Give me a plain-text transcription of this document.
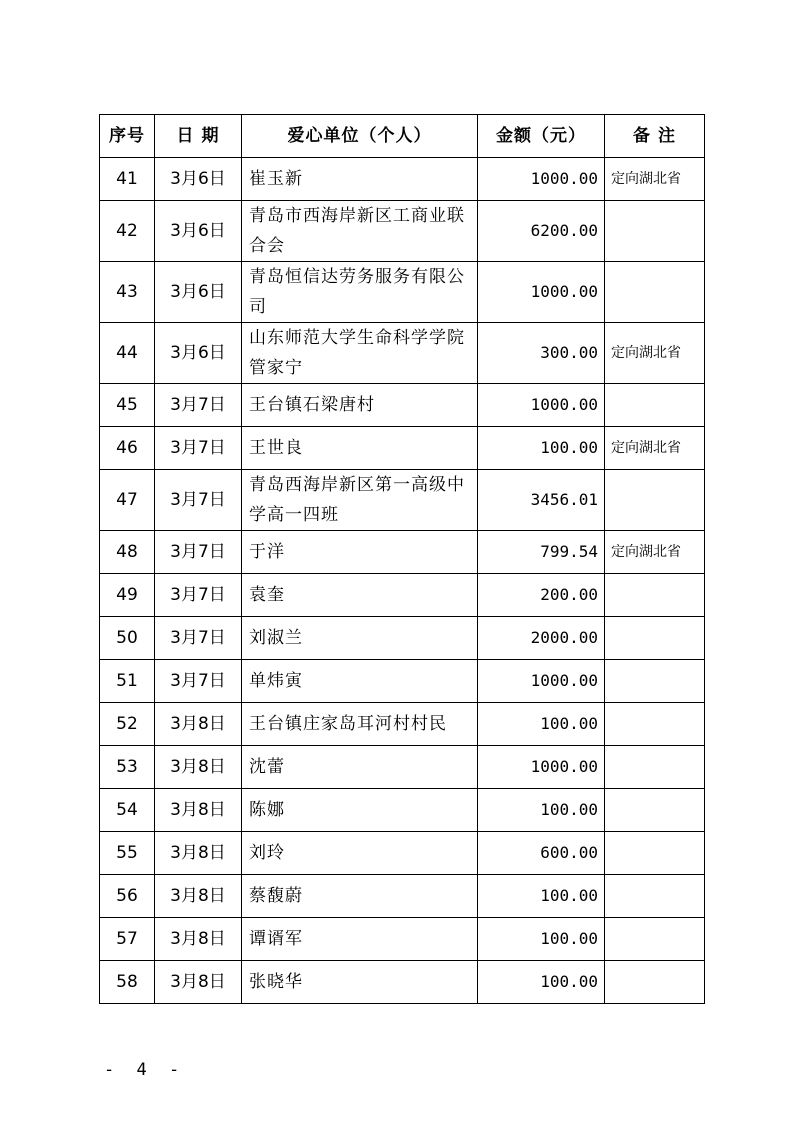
序号	日 期	爱心单位（个人）	金额（元）	备 注
41	3月6日	崔玉新	1000.00	定向湖北省
42	3月6日	青岛市西海岸新区工商业联合会	6200.00	
43	3月6日	青岛恒信达劳务服务有限公司	1000.00	
44	3月6日	山东师范大学生命科学学院管家宁	300.00	定向湖北省
45	3月7日	王台镇石梁唐村	1000.00	
46	3月7日	王世良	100.00	定向湖北省
47	3月7日	青岛西海岸新区第一高级中学高一四班	3456.01	
48	3月7日	于洋	799.54	定向湖北省
49	3月7日	袁奎	200.00	
50	3月7日	刘淑兰	2000.00	
51	3月7日	单炜寅	1000.00	
52	3月8日	王台镇庄家岛耳河村村民	100.00	
53	3月8日	沈蕾	1000.00	
54	3月8日	陈娜	100.00	
55	3月8日	刘玲	600.00	
56	3月8日	蔡馥蔚	100.00	
57	3月8日	谭谞军	100.00	
58	3月8日	张晓华	100.00	
- 4 -
